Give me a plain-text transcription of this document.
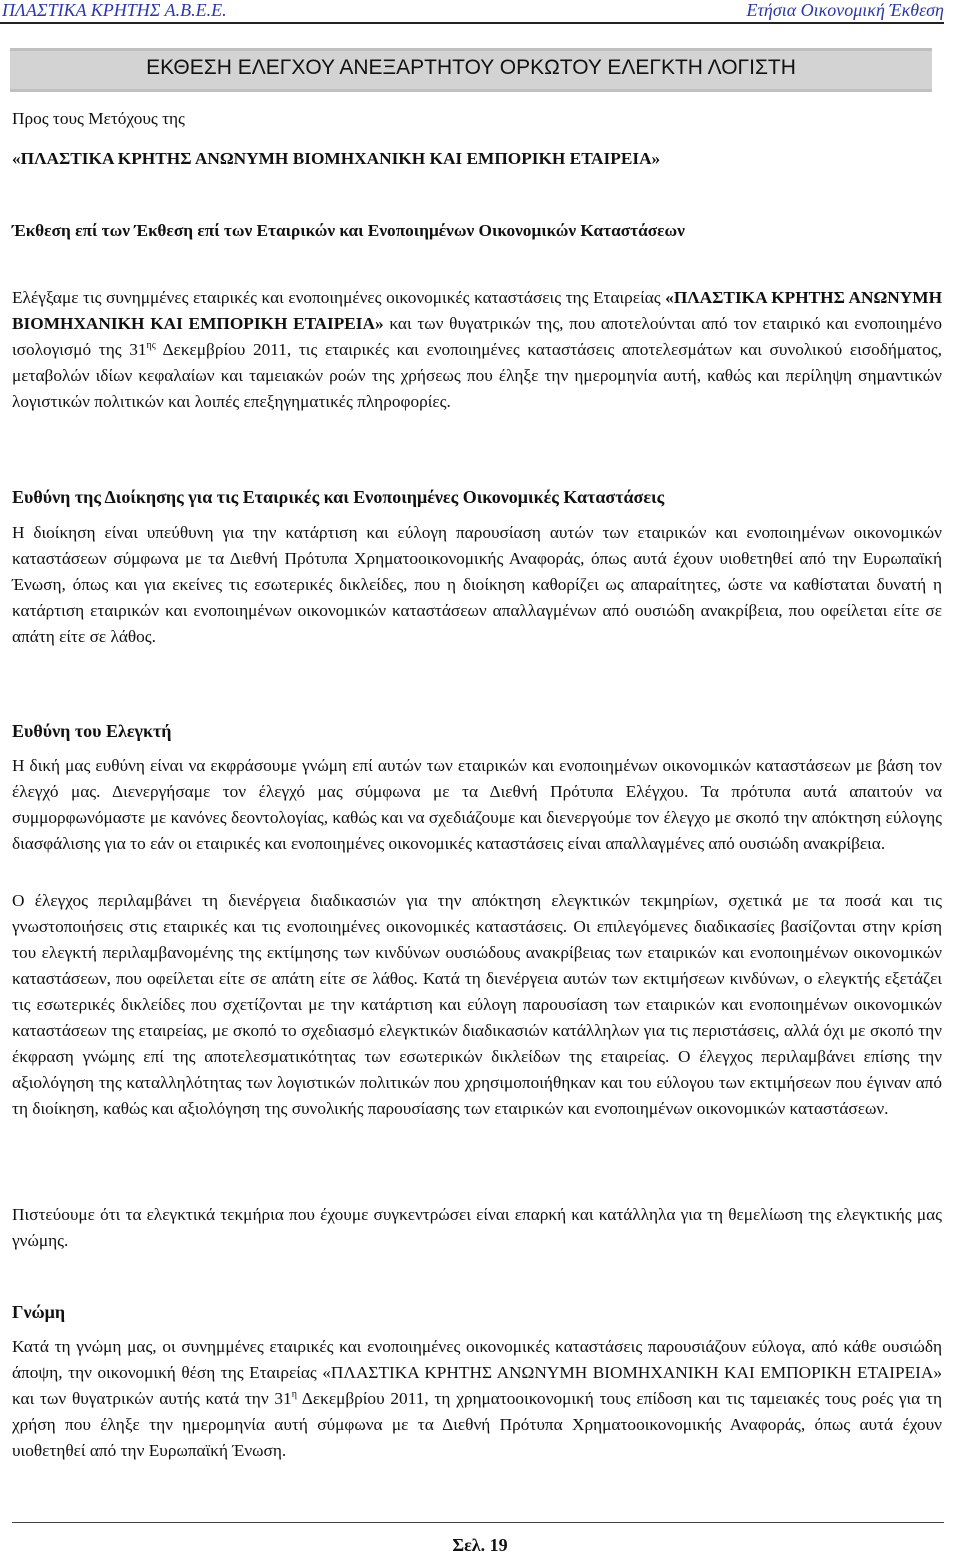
ΠΛΑΣΤΙΚΑ ΚΡΗΤΗΣ Α.Β.Ε.Ε.	Ετήσια Οικονομική Έκθεση
ΕΚΘΕΣΗ ΕΛΕΓΧΟΥ ΑΝΕΞΑΡΤΗΤΟΥ ΟΡΚΩΤΟΥ ΕΛΕΓΚΤΗ ΛΟΓΙΣΤΗ
Προς τους Μετόχους της
«ΠΛΑΣΤΙΚΑ ΚΡΗΤΗΣ ΑΝΩΝΥΜΗ ΒΙΟΜΗΧΑΝΙΚΗ ΚΑΙ ΕΜΠΟΡΙΚΗ ΕΤΑΙΡΕΙΑ»
Έκθεση επί των Έκθεση επί των Εταιρικών και Ενοποιημένων Οικονομικών Καταστάσεων
Ελέγξαμε τις συνημμένες εταιρικές και ενοποιημένες οικονομικές καταστάσεις της Εταιρείας «ΠΛΑΣΤΙΚΑ ΚΡΗΤΗΣ ΑΝΩΝΥΜΗ ΒΙΟΜΗΧΑΝΙΚΗ ΚΑΙ ΕΜΠΟΡΙΚΗ ΕΤΑΙΡΕΙΑ» και των θυγατρικών της, που αποτελούνται από τον εταιρικό και ενοποιημένο ισολογισμό της $31^{\eta\varsigma}$ Δεκεμβρίου 2011, τις εταιρικές και ενοποιημένες καταστάσεις αποτελεσμάτων και συνολικού εισοδήματος, μεταβολών ιδίων κεφαλαίων και ταμειακών ροών της χρήσεως που έληξε την ημερομηνία αυτή, καθώς και περίληψη σημαντικών λογιστικών πολιτικών και λοιπές επεξηγηματικές πληροφορίες.
Ευθύνη της Διοίκησης για τις Εταιρικές και Ενοποιημένες Οικονομικές Καταστάσεις
Η διοίκηση είναι υπεύθυνη για την κατάρτιση και εύλογη παρουσίαση αυτών των εταιρικών και ενοποιημένων οικονομικών καταστάσεων σύμφωνα με τα Διεθνή Πρότυπα Χρηματοοικονομικής Αναφοράς, όπως αυτά έχουν υιοθετηθεί από την Ευρωπαϊκή Ένωση, όπως και για εκείνες τις εσωτερικές δικλείδες, που η διοίκηση καθορίζει ως απαραίτητες, ώστε να καθίσταται δυνατή η κατάρτιση εταιρικών και ενοποιημένων οικονομικών καταστάσεων απαλλαγμένων από ουσιώδη ανακρίβεια, που οφείλεται είτε σε απάτη είτε σε λάθος.
Ευθύνη του Ελεγκτή
Η δική μας ευθύνη είναι να εκφράσουμε γνώμη επί αυτών των εταιρικών και ενοποιημένων οικονομικών καταστάσεων με βάση τον έλεγχό μας. Διενεργήσαμε τον έλεγχό μας σύμφωνα με τα Διεθνή Πρότυπα Ελέγχου. Τα πρότυπα αυτά απαιτούν να συμμορφωνόμαστε με κανόνες δεοντολογίας, καθώς και να σχεδιάζουμε και διενεργούμε τον έλεγχο με σκοπό την απόκτηση εύλογης διασφάλισης για το εάν οι εταιρικές και ενοποιημένες οικονομικές καταστάσεις είναι απαλλαγμένες από ουσιώδη ανακρίβεια.
Ο έλεγχος περιλαμβάνει τη διενέργεια διαδικασιών για την απόκτηση ελεγκτικών τεκμηρίων, σχετικά με τα ποσά και τις γνωστοποιήσεις στις εταιρικές και τις ενοποιημένες οικονομικές καταστάσεις. Οι επιλεγόμενες διαδικασίες βασίζονται στην κρίση του ελεγκτή περιλαμβανομένης της εκτίμησης των κινδύνων ουσιώδους ανακρίβειας των εταιρικών και ενοποιημένων οικονομικών καταστάσεων, που οφείλεται είτε σε απάτη είτε σε λάθος. Κατά τη διενέργεια αυτών των εκτιμήσεων κινδύνων, ο ελεγκτής εξετάζει τις εσωτερικές δικλείδες που σχετίζονται με την κατάρτιση και εύλογη παρουσίαση των εταιρικών και ενοποιημένων οικονομικών καταστάσεων της εταιρείας, με σκοπό το σχεδιασμό ελεγκτικών διαδικασιών κατάλληλων για τις περιστάσεις, αλλά όχι με σκοπό την έκφραση γνώμης επί της αποτελεσματικότητας των εσωτερικών δικλείδων της εταιρείας. Ο έλεγχος περιλαμβάνει επίσης την αξιολόγηση της καταλληλότητας των λογιστικών πολιτικών που χρησιμοποιήθηκαν και του εύλογου των εκτιμήσεων που έγιναν από τη διοίκηση, καθώς και αξιολόγηση της συνολικής παρουσίασης των εταιρικών και ενοποιημένων οικονομικών καταστάσεων.
Πιστεύουμε ότι τα ελεγκτικά τεκμήρια που έχουμε συγκεντρώσει είναι επαρκή και κατάλληλα για τη θεμελίωση της ελεγκτικής μας γνώμης.
Γνώμη
Κατά τη γνώμη μας, οι συνημμένες εταιρικές και ενοποιημένες οικονομικές καταστάσεις παρουσιάζουν εύλογα, από κάθε ουσιώδη άποψη, την οικονομική θέση της Εταιρείας «ΠΛΑΣΤΙΚΑ ΚΡΗΤΗΣ ΑΝΩΝΥΜΗ ΒΙΟΜΗΧΑΝΙΚΗ ΚΑΙ ΕΜΠΟΡΙΚΗ ΕΤΑΙΡΕΙΑ» και των θυγατρικών αυτής κατά την $31^\eta$ Δεκεμβρίου 2011, τη χρηματοοικονομική τους επίδοση και τις ταμειακές τους ροές για τη χρήση που έληξε την ημερομηνία αυτή σύμφωνα με τα Διεθνή Πρότυπα Χρηματοοικονομικής Αναφοράς, όπως αυτά έχουν υιοθετηθεί από την Ευρωπαϊκή Ένωση.
Σελ. 19
